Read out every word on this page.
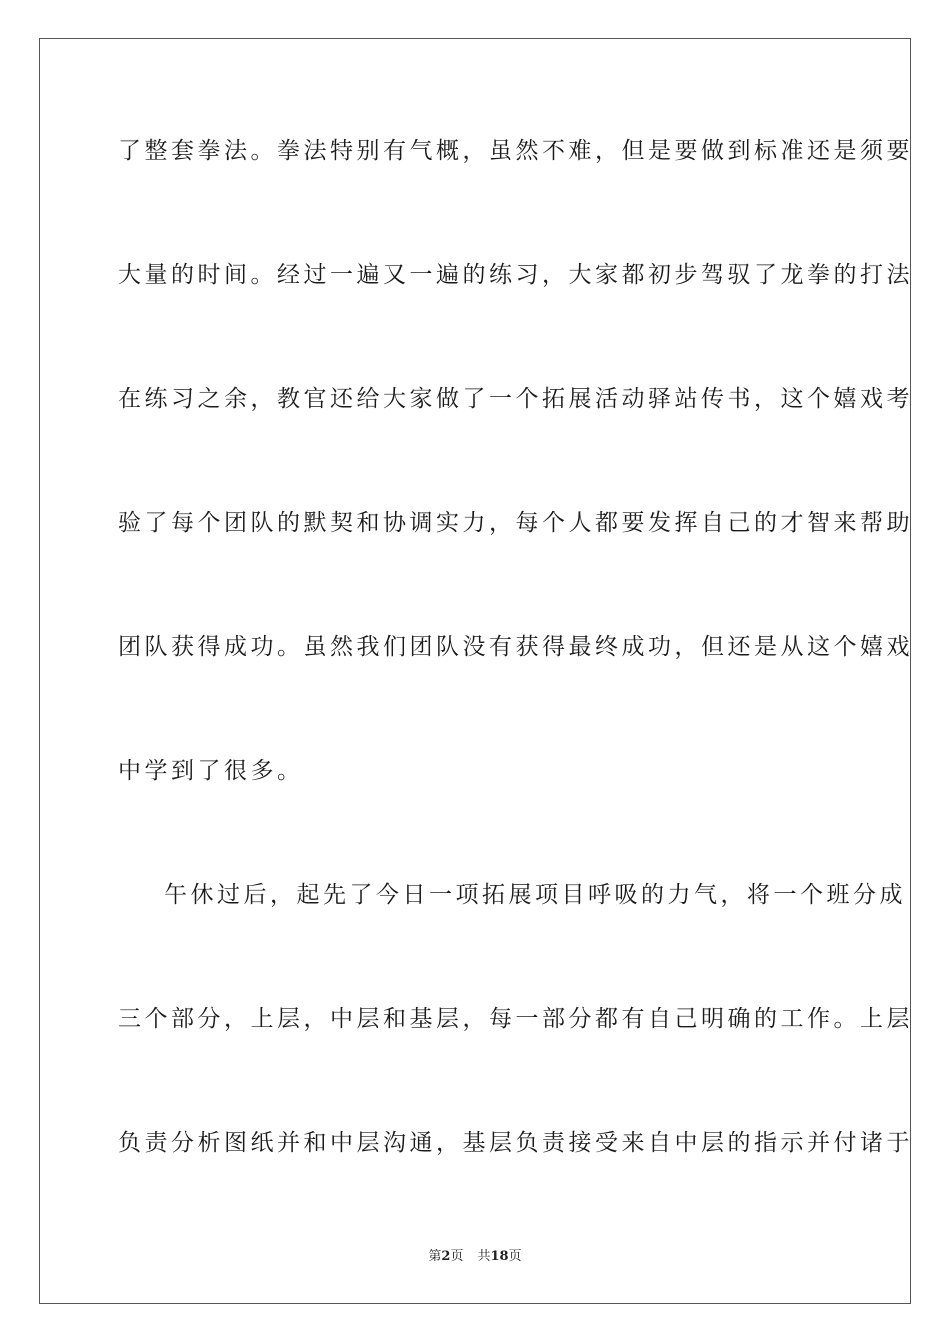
了整套拳法。拳法特别有气概，虽然不难，但是要做到标准还是须要
大量的时间。经过一遍又一遍的练习，大家都初步驾驭了龙拳的打法
在练习之余，教官还给大家做了一个拓展活动驿站传书，这个嬉戏考
验了每个团队的默契和协调实力，每个人都要发挥自己的才智来帮助
团队获得成功。虽然我们团队没有获得最终成功，但还是从这个嬉戏
中学到了很多。
午休过后，起先了今日一项拓展项目呼吸的力气，将一个班分成
三个部分，上层，中层和基层，每一部分都有自己明确的工作。上层
负责分析图纸并和中层沟通，基层负责接受来自中层的指示并付诸于
第2页 共18页
